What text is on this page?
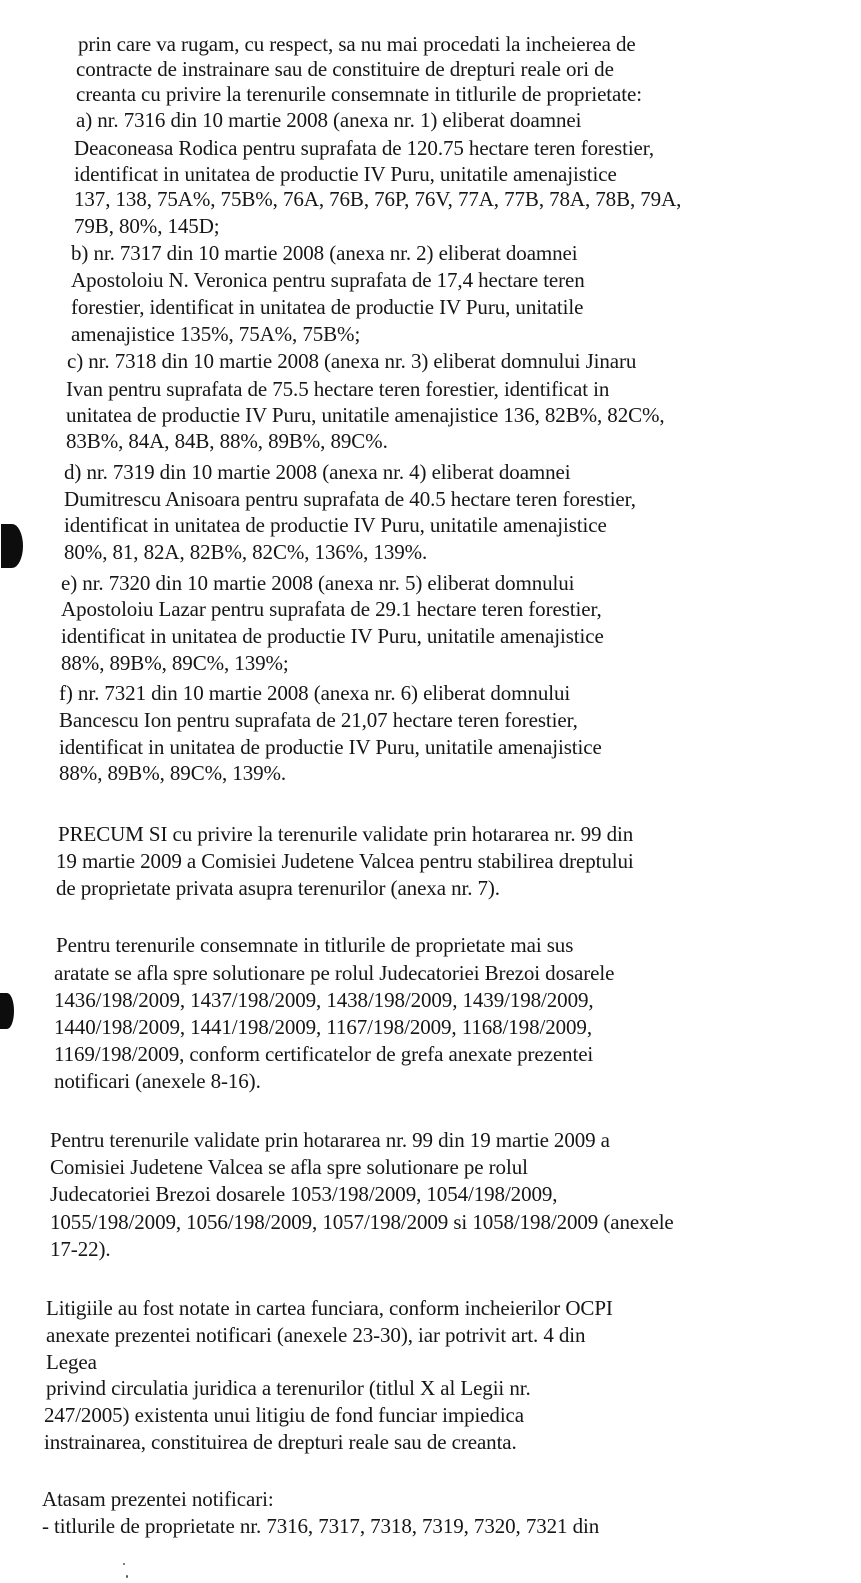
prin care va rugam, cu respect, sa nu mai procedati la incheierea de
contracte de instrainare sau de constituire de drepturi reale ori de
creanta cu privire la terenurile consemnate in titlurile de proprietate:
a) nr. 7316 din 10 martie 2008 (anexa nr. 1) eliberat doamnei
Deaconeasa Rodica pentru suprafata de 120.75 hectare teren forestier,
identificat in unitatea de productie IV Puru, unitatile amenajistice
137, 138, 75A%, 75B%, 76A, 76B, 76P, 76V, 77A, 77B, 78A, 78B, 79A,
79B, 80%, 145D;
b) nr. 7317 din 10 martie 2008 (anexa nr. 2) eliberat doamnei
Apostoloiu N. Veronica pentru suprafata de 17,4 hectare teren
forestier, identificat in unitatea de productie IV Puru, unitatile
amenajistice 135%, 75A%, 75B%;
c) nr. 7318 din 10 martie 2008 (anexa nr. 3) eliberat domnului Jinaru
Ivan pentru suprafata de 75.5 hectare teren forestier, identificat in
unitatea de productie IV Puru, unitatile amenajistice 136, 82B%, 82C%,
83B%, 84A, 84B, 88%, 89B%, 89C%.
d) nr. 7319 din 10 martie 2008 (anexa nr. 4) eliberat doamnei
Dumitrescu Anisoara pentru suprafata de 40.5 hectare teren forestier,
identificat in unitatea de productie IV Puru, unitatile amenajistice
80%, 81, 82A, 82B%, 82C%, 136%, 139%.
e) nr. 7320 din 10 martie 2008 (anexa nr. 5) eliberat domnului
Apostoloiu Lazar pentru suprafata de 29.1 hectare teren forestier,
identificat in unitatea de productie IV Puru, unitatile amenajistice
88%, 89B%, 89C%, 139%;
f) nr. 7321 din 10 martie 2008 (anexa nr. 6) eliberat domnului
Bancescu Ion pentru suprafata de 21,07 hectare teren forestier,
identificat in unitatea de productie IV Puru, unitatile amenajistice
88%, 89B%, 89C%, 139%.
PRECUM SI cu privire la terenurile validate prin hotararea nr. 99 din
19 martie 2009 a Comisiei Judetene Valcea pentru stabilirea dreptului
de proprietate privata asupra terenurilor (anexa nr. 7).
Pentru terenurile consemnate in titlurile de proprietate mai sus
aratate se afla spre solutionare pe rolul Judecatoriei Brezoi dosarele
1436/198/2009, 1437/198/2009, 1438/198/2009, 1439/198/2009,
1440/198/2009, 1441/198/2009, 1167/198/2009, 1168/198/2009,
1169/198/2009, conform certificatelor de grefa anexate prezentei
notificari (anexele 8-16).
Pentru terenurile validate prin hotararea nr. 99 din 19 martie 2009 a
Comisiei Judetene Valcea se afla spre solutionare pe rolul
Judecatoriei Brezoi dosarele 1053/198/2009, 1054/198/2009,
1055/198/2009, 1056/198/2009, 1057/198/2009 si 1058/198/2009 (anexele
17-22).
Litigiile au fost notate in cartea funciara, conform incheierilor OCPI
anexate prezentei notificari (anexele 23-30), iar potrivit art. 4 din
Legea
privind circulatia juridica a terenurilor (titlul X al Legii nr.
247/2005) existenta unui litigiu de fond funciar impiedica
instrainarea, constituirea de drepturi reale sau de creanta.
Atasam prezentei notificari:
- titlurile de proprietate nr. 7316, 7317, 7318, 7319, 7320, 7321 din
